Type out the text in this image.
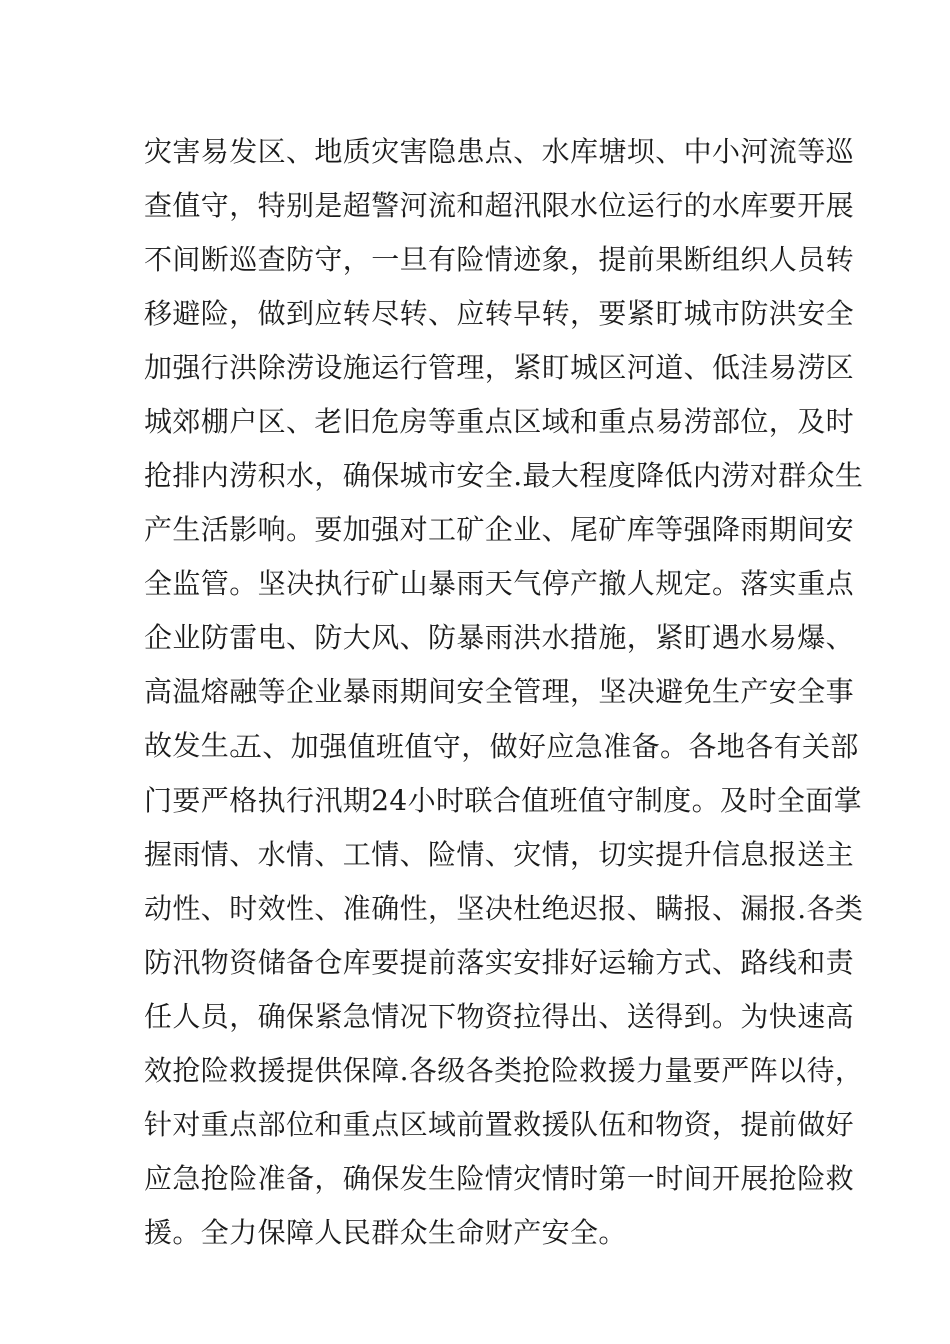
灾害易发区、地质灾害隐患点、水库塘坝、中小河流等巡
查值守，特别是超警河流和超汛限水位运行的水库要开展
不间断巡查防守，一旦有险情迹象，提前果断组织人员转
移避险，做到应转尽转、应转早转，要紧盯城市防洪安全
加强行洪除涝设施运行管理，紧盯城区河道、低洼易涝区
城郊棚户区、老旧危房等重点区域和重点易涝部位，及时
抢排内涝积水，确保城市安全.最大程度降低内涝对群众生
产生活影响。要加强对工矿企业、尾矿库等强降雨期间安
全监管。坚决执行矿山暴雨天气停产撤人规定。落实重点
企业防雷电、防大风、防暴雨洪水措施，紧盯遇水易爆、
高温熔融等企业暴雨期间安全管理，坚决避免生产安全事
故发生。
五、加强值班值守，做好应急准备。各地各有关部
门要严格执行汛期24小时联合值班值守制度。及时全面掌
握雨情、水情、工情、险情、灾情，切实提升信息报送主
动性、时效性、准确性，坚决杜绝迟报、瞒报、漏报.各类
防汛物资储备仓库要提前落实安排好运输方式、路线和责
任人员，确保紧急情况下物资拉得出、送得到。为快速高
效抢险救援提供保障.各级各类抢险救援力量要严阵以待，
针对重点部位和重点区域前置救援队伍和物资，提前做好
应急抢险准备，确保发生险情灾情时第一时间开展抢险救
援。全力保障人民群众生命财产安全。
